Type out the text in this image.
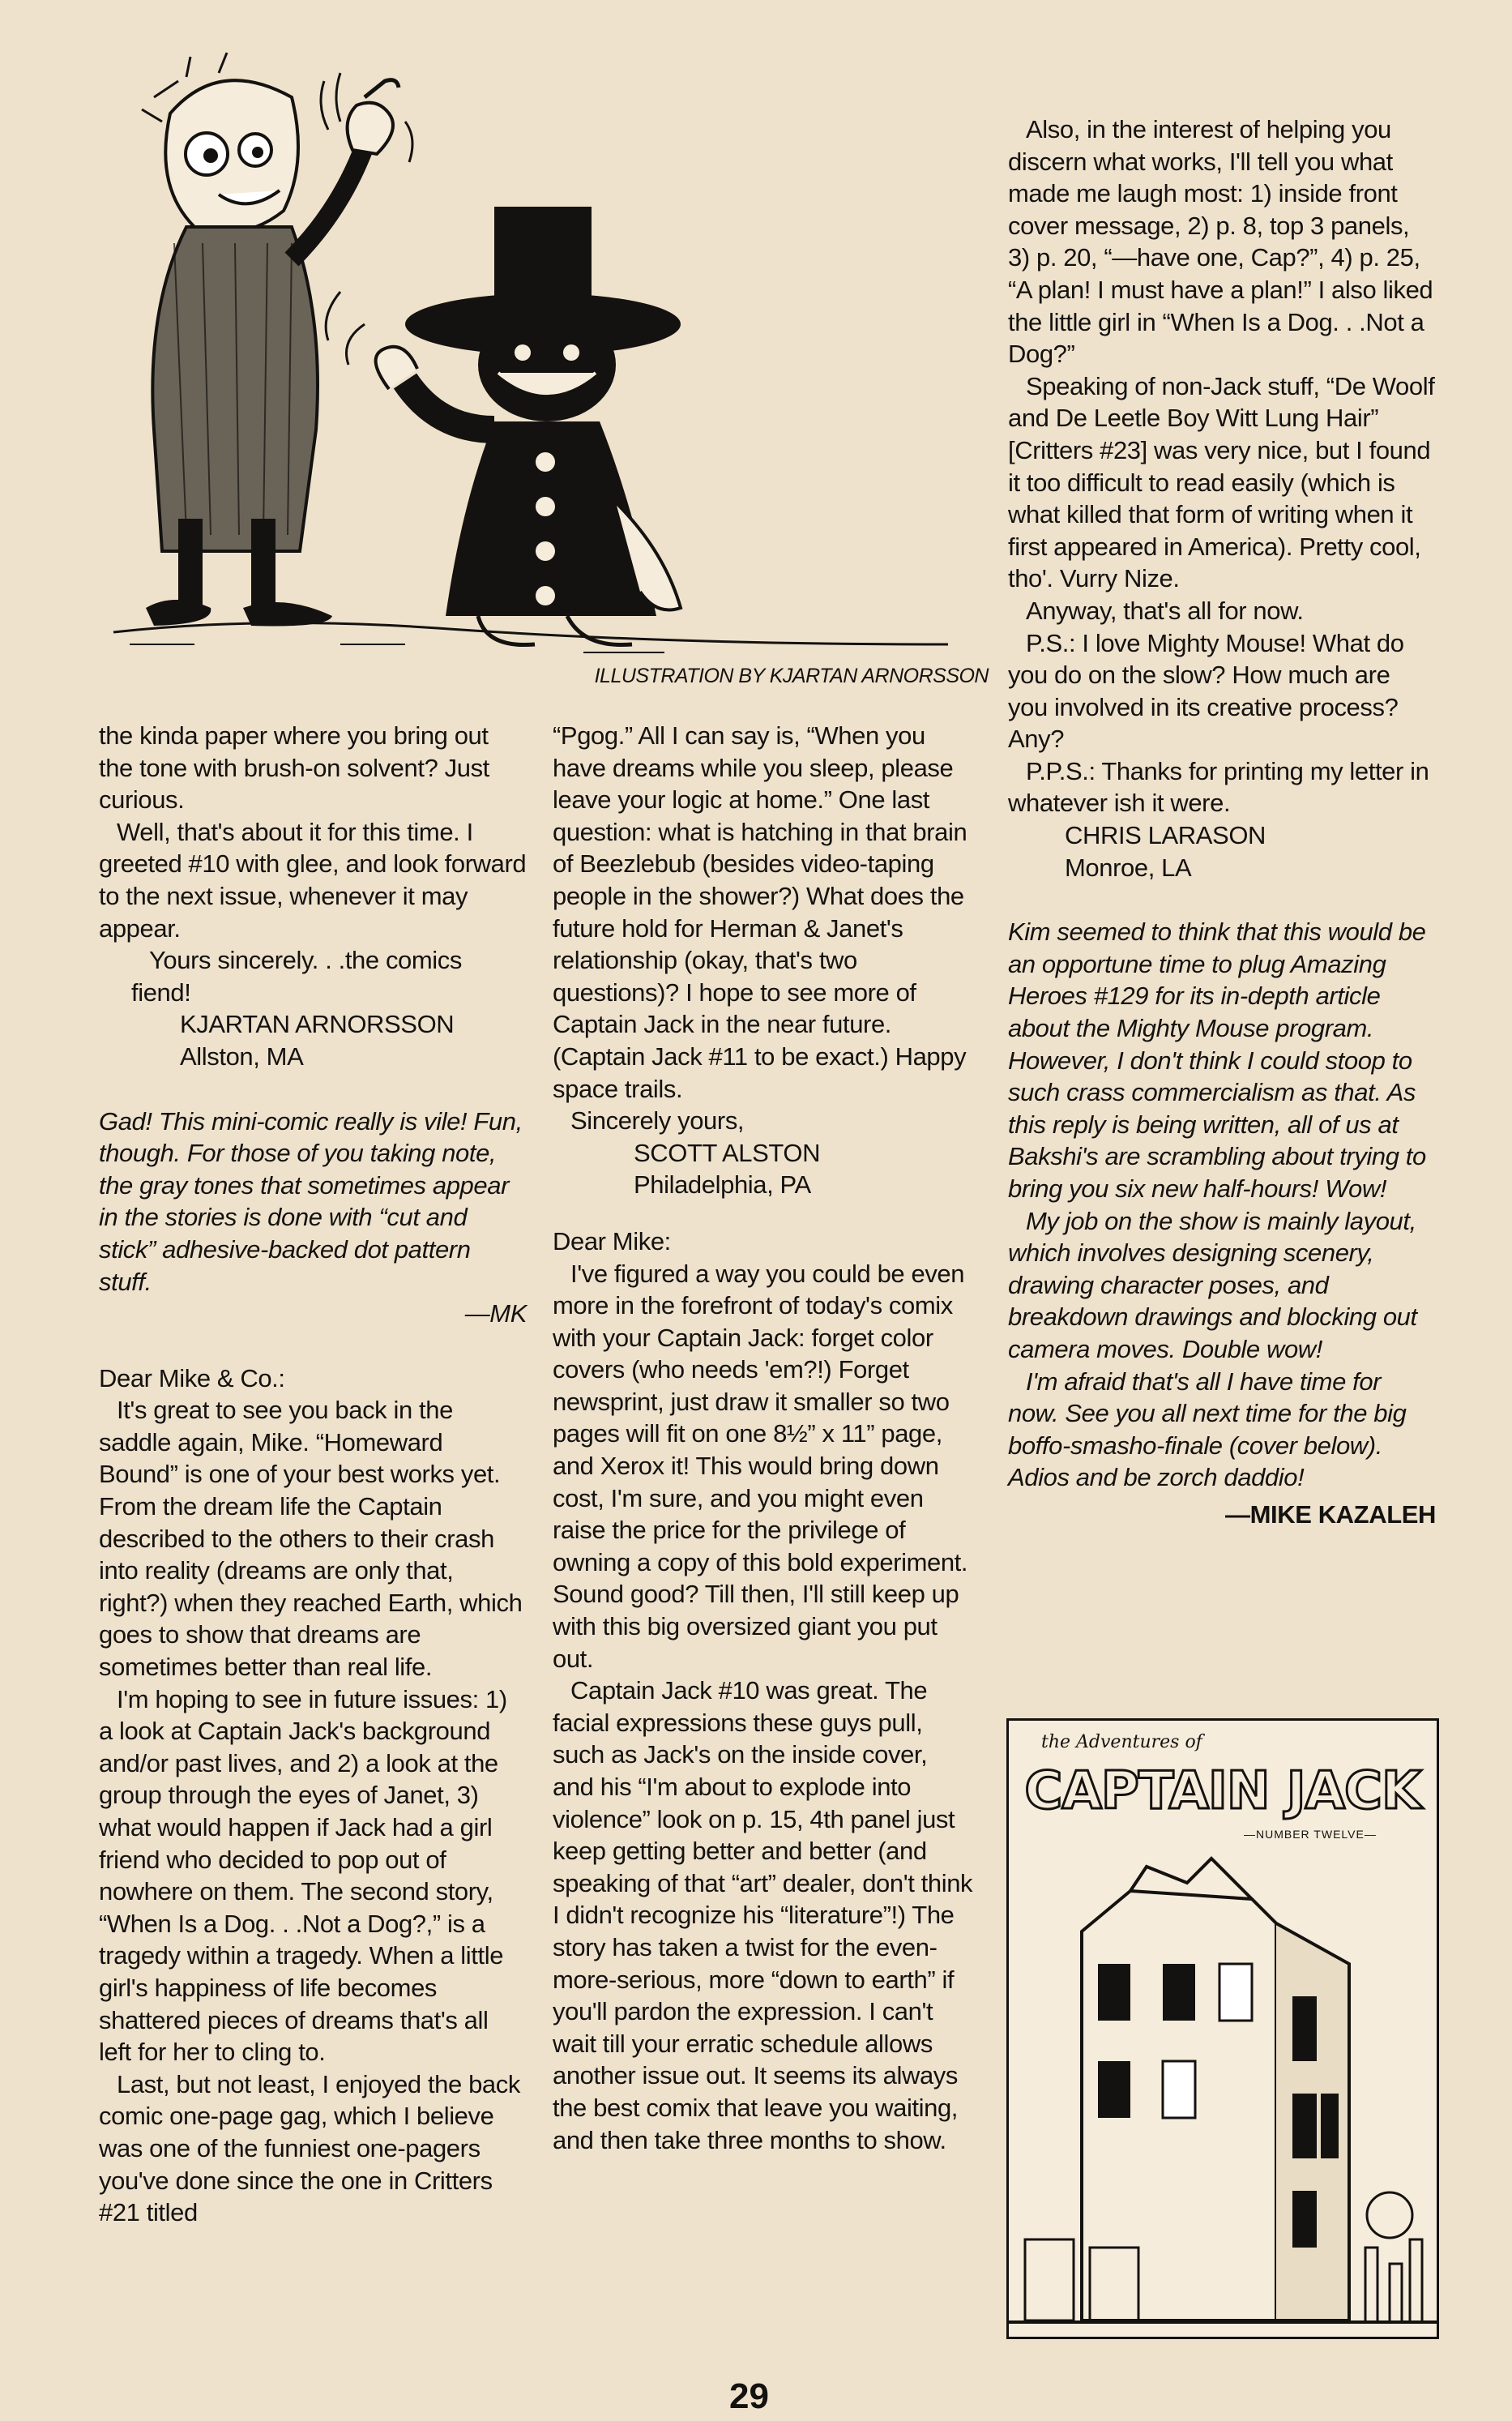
ILLUSTRATION BY KJARTAN ARNORSSON

the kinda paper where you bring out the tone with brush-on solvent? Just curious.

Well, that's about it for this time. I greeted #10 with glee, and look forward to the next issue, whenever it may appear.

Yours sincerely. . .the comics fiend!

KJARTAN ARNORSSON

Allston, MA

Gad! This mini-comic really is vile! Fun, though. For those of you taking note, the gray tones that sometimes appear in the stories is done with “cut and stick” adhesive-backed dot pattern stuff.

—MK

Dear Mike & Co.:

It's great to see you back in the saddle again, Mike. “Homeward Bound” is one of your best works yet. From the dream life the Captain described to the others to their crash into reality (dreams are only that, right?) when they reached Earth, which goes to show that dreams are sometimes better than real life.

I'm hoping to see in future issues: 1) a look at Captain Jack's background and/or past lives, and 2) a look at the group through the eyes of Janet, 3) what would happen if Jack had a girl friend who decided to pop out of nowhere on them. The second story, “When Is a Dog. . .Not a Dog?,” is a tragedy within a tragedy. When a little girl's happiness of life becomes shattered pieces of dreams that's all left for her to cling to.

Last, but not least, I enjoyed the back comic one-page gag, which I believe was one of the funniest one-pagers you've done since the one in Critters #21 titled

“Pgog.” All I can say is, “When you have dreams while you sleep, please leave your logic at home.” One last question: what is hatching in that brain of Beezlebub (besides video-taping people in the shower?) What does the future hold for Herman & Janet's relationship (okay, that's two questions)? I hope to see more of Captain Jack in the near future. (Captain Jack #11 to be exact.) Happy space trails.

Sincerely yours,

SCOTT ALSTON

Philadelphia, PA

Dear Mike:

I've figured a way you could be even more in the forefront of today's comix with your Captain Jack: forget color covers (who needs 'em?!) Forget newsprint, just draw it smaller so two pages will fit on one 8½” x 11” page, and Xerox it! This would bring down cost, I'm sure, and you might even raise the price for the privilege of owning a copy of this bold experiment. Sound good? Till then, I'll still keep up with this big oversized giant you put out.

Captain Jack #10 was great. The facial expressions these guys pull, such as Jack's on the inside cover, and his “I'm about to explode into violence” look on p. 15, 4th panel just keep getting better and better (and speaking of that “art” dealer, don't think I didn't recognize his “literature”!) The story has taken a twist for the even-more-serious, more “down to earth” if you'll pardon the expression. I can't wait till your erratic schedule allows another issue out. It seems its always the best comix that leave you waiting, and then take three months to show.

Also, in the interest of helping you discern what works, I'll tell you what made me laugh most: 1) inside front cover message, 2) p. 8, top 3 panels, 3) p. 20, “—have one, Cap?”, 4) p. 25, “A plan! I must have a plan!” I also liked the little girl in “When Is a Dog. . .Not a Dog?”

Speaking of non-Jack stuff, “De Woolf and De Leetle Boy Witt Lung Hair” [Critters #23] was very nice, but I found it too difficult to read easily (which is what killed that form of writing when it first appeared in America). Pretty cool, tho'. Vurry Nize.

Anyway, that's all for now.

P.S.: I love Mighty Mouse! What do you do on the slow? How much are you involved in its creative process? Any?

P.P.S.: Thanks for printing my letter in whatever ish it were.

CHRIS LARASON

Monroe, LA

Kim seemed to think that this would be an opportune time to plug Amazing Heroes #129 for its in-depth article about the Mighty Mouse program. However, I don't think I could stoop to such crass commercialism as that. As this reply is being written, all of us at Bakshi's are scrambling about trying to bring you six new half-hours! Wow!

My job on the show is mainly layout, which involves designing scenery, drawing character poses, and breakdown drawings and blocking out camera moves. Double wow!

I'm afraid that's all I have time for now. See you all next time for the big boffo-smasho-finale (cover below). Adios and be zorch daddio!

—MIKE KAZALEH

the Adventures of
CAPTAIN JACK
—NUMBER TWELVE—
29
